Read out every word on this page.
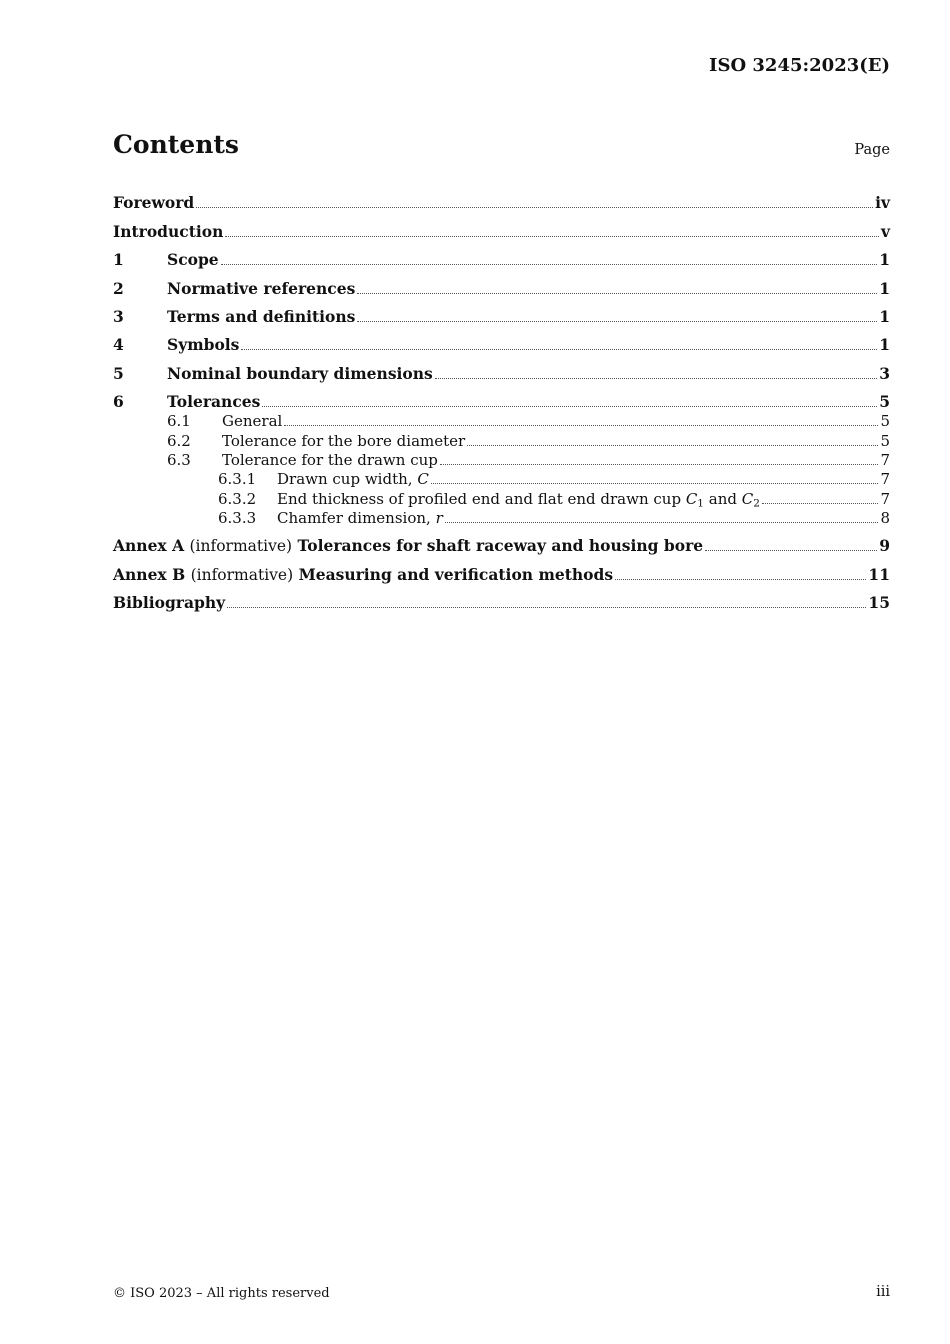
ISO 3245:2023(E)
Contents	Page
Foreword	iv
Introduction	v
1	Scope	1
2	Normative references	1
3	Terms and definitions	1
4	Symbols	1
5	Nominal boundary dimensions	3
6	Tolerances	5
6.1	General	5
6.2	Tolerance for the bore diameter	5
6.3	Tolerance for the drawn cup	7
6.3.1	Drawn cup width, C	7
6.3.2	End thickness of profiled end and flat end drawn cup $C_1$ and $C_2$	7
6.3.3	Chamfer dimension, r	8
Annex A (informative) Tolerances for shaft raceway and housing bore	9
Annex B (informative) Measuring and verification methods	11
Bibliography	15
© ISO 2023 – All rights reserved	iii
